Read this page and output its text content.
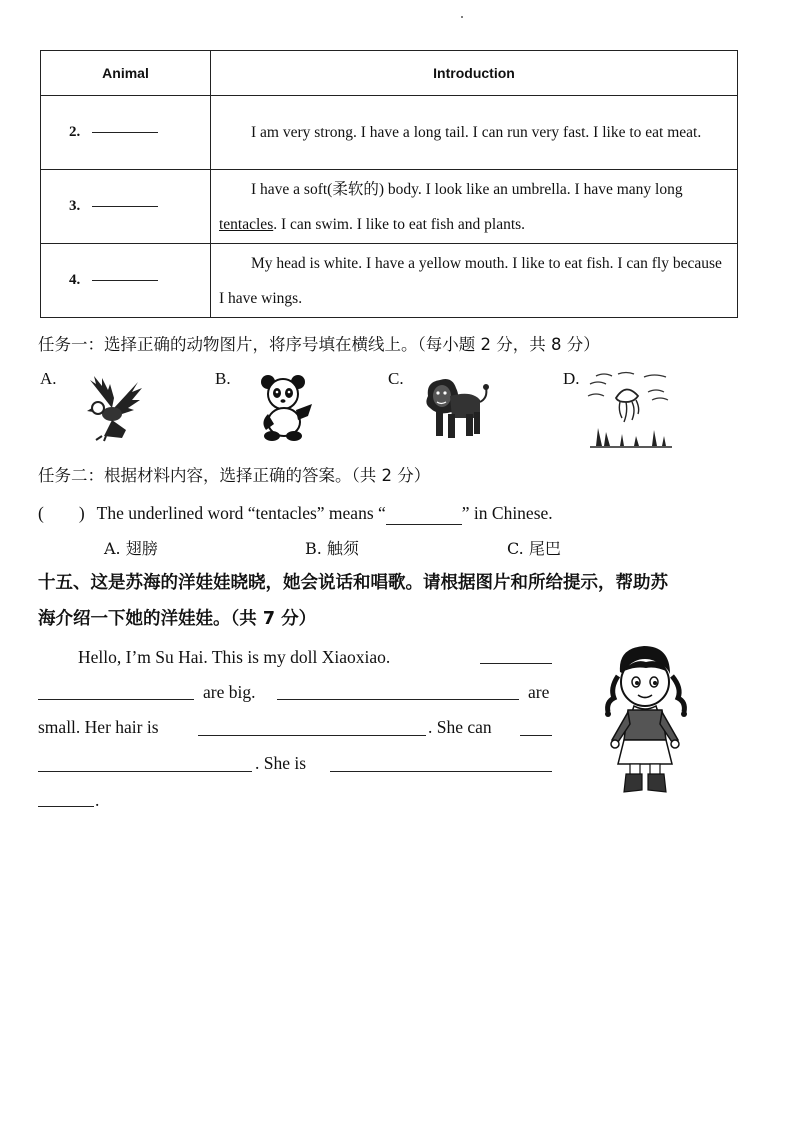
Animal	Introduction
2.	I am very strong. I have a long tail. I can run very fast. I like to eat meat.
3.	I have a soft(柔软的) body. I look like an umbrella. I have many long tentacles. I can swim. I like to eat fish and plants.
4.	My head is white. I have a yellow mouth. I like to eat fish. I can fly because I have wings.
任务一：选择正确的动物图片，将序号填在横线上。（每小题 2 分，共 8 分）
A.	B.	C.	D.
任务二：根据材料内容，选择正确的答案。（共 2 分）
(　　) The underlined word “tentacles” means “	” in Chinese.
A. 翅膀	B. 触须	C. 尾巴
十五、这是苏海的洋娃娃晓晓，她会说话和唱歌。请根据图片和所给提示，帮助苏
海介绍一下她的洋娃娃。（共 7 分）
Hello, I’m Su Hai. This is my doll Xiaoxiao.
are big.	are
small. Her hair is	. She can
. She is
.
